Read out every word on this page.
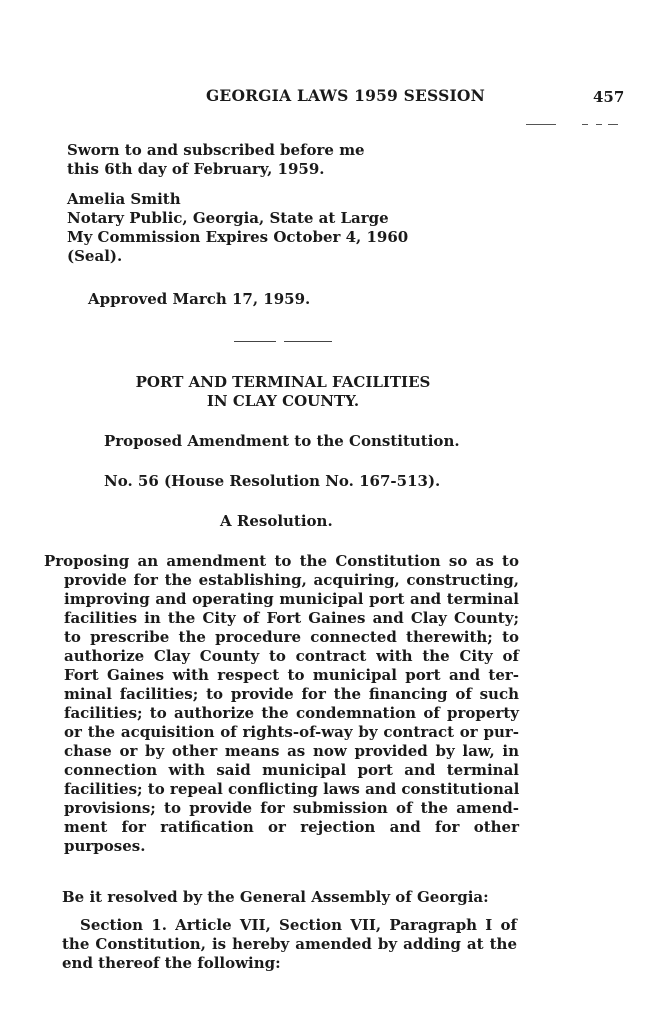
GEORGIA LAWS 1959 SESSION	457
Sworn to and subscribed before me
this 6th day of February, 1959.
Amelia Smith
Notary Public, Georgia, State at Large
My Commission Expires October 4, 1960
(Seal).
Approved March 17, 1959.
PORT AND TERMINAL FACILITIES
IN CLAY COUNTY.
Proposed Amendment to the Constitution.
No. 56 (House Resolution No. 167-513).
A Resolution.
Proposing an amendment to the Constitution so as to
provide for the establishing, acquiring, constructing,
improving and operating municipal port and terminal
facilities in the City of Fort Gaines and Clay County;
to prescribe the procedure connected therewith; to
authorize Clay County to contract with the City of
Fort Gaines with respect to municipal port and ter-
minal facilities; to provide for the financing of such
facilities; to authorize the condemnation of property
or the acquisition of rights-of-way by contract or pur-
chase or by other means as now provided by law, in
connection with said municipal port and terminal
facilities; to repeal conflicting laws and constitutional
provisions; to provide for submission of the amend-
ment for ratification or rejection and for other
purposes.
Be it resolved by the General Assembly of Georgia:
Section 1. Article VII, Section VII, Paragraph I of
the Constitution, is hereby amended by adding at the
end thereof the following:
